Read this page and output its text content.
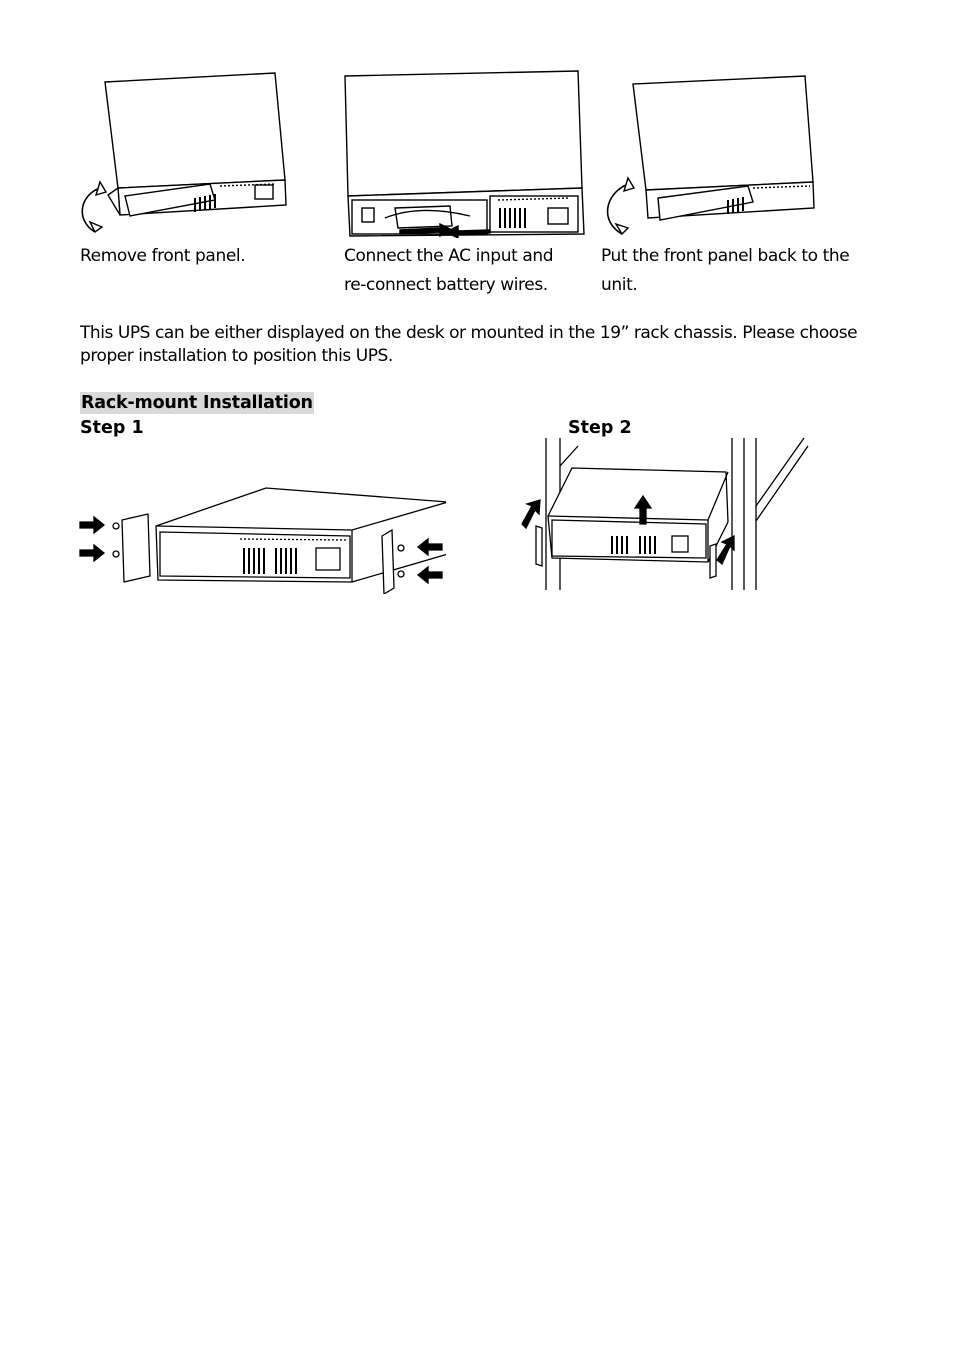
Remove front panel.	Connect the AC input and re-connect battery wires.
Put the front panel back to the unit.
This UPS can be either displayed on the desk or mounted in the 19” rack chassis. Please choose proper installation to position this UPS.
Rack-mount Installation
Step 1	Step 2
